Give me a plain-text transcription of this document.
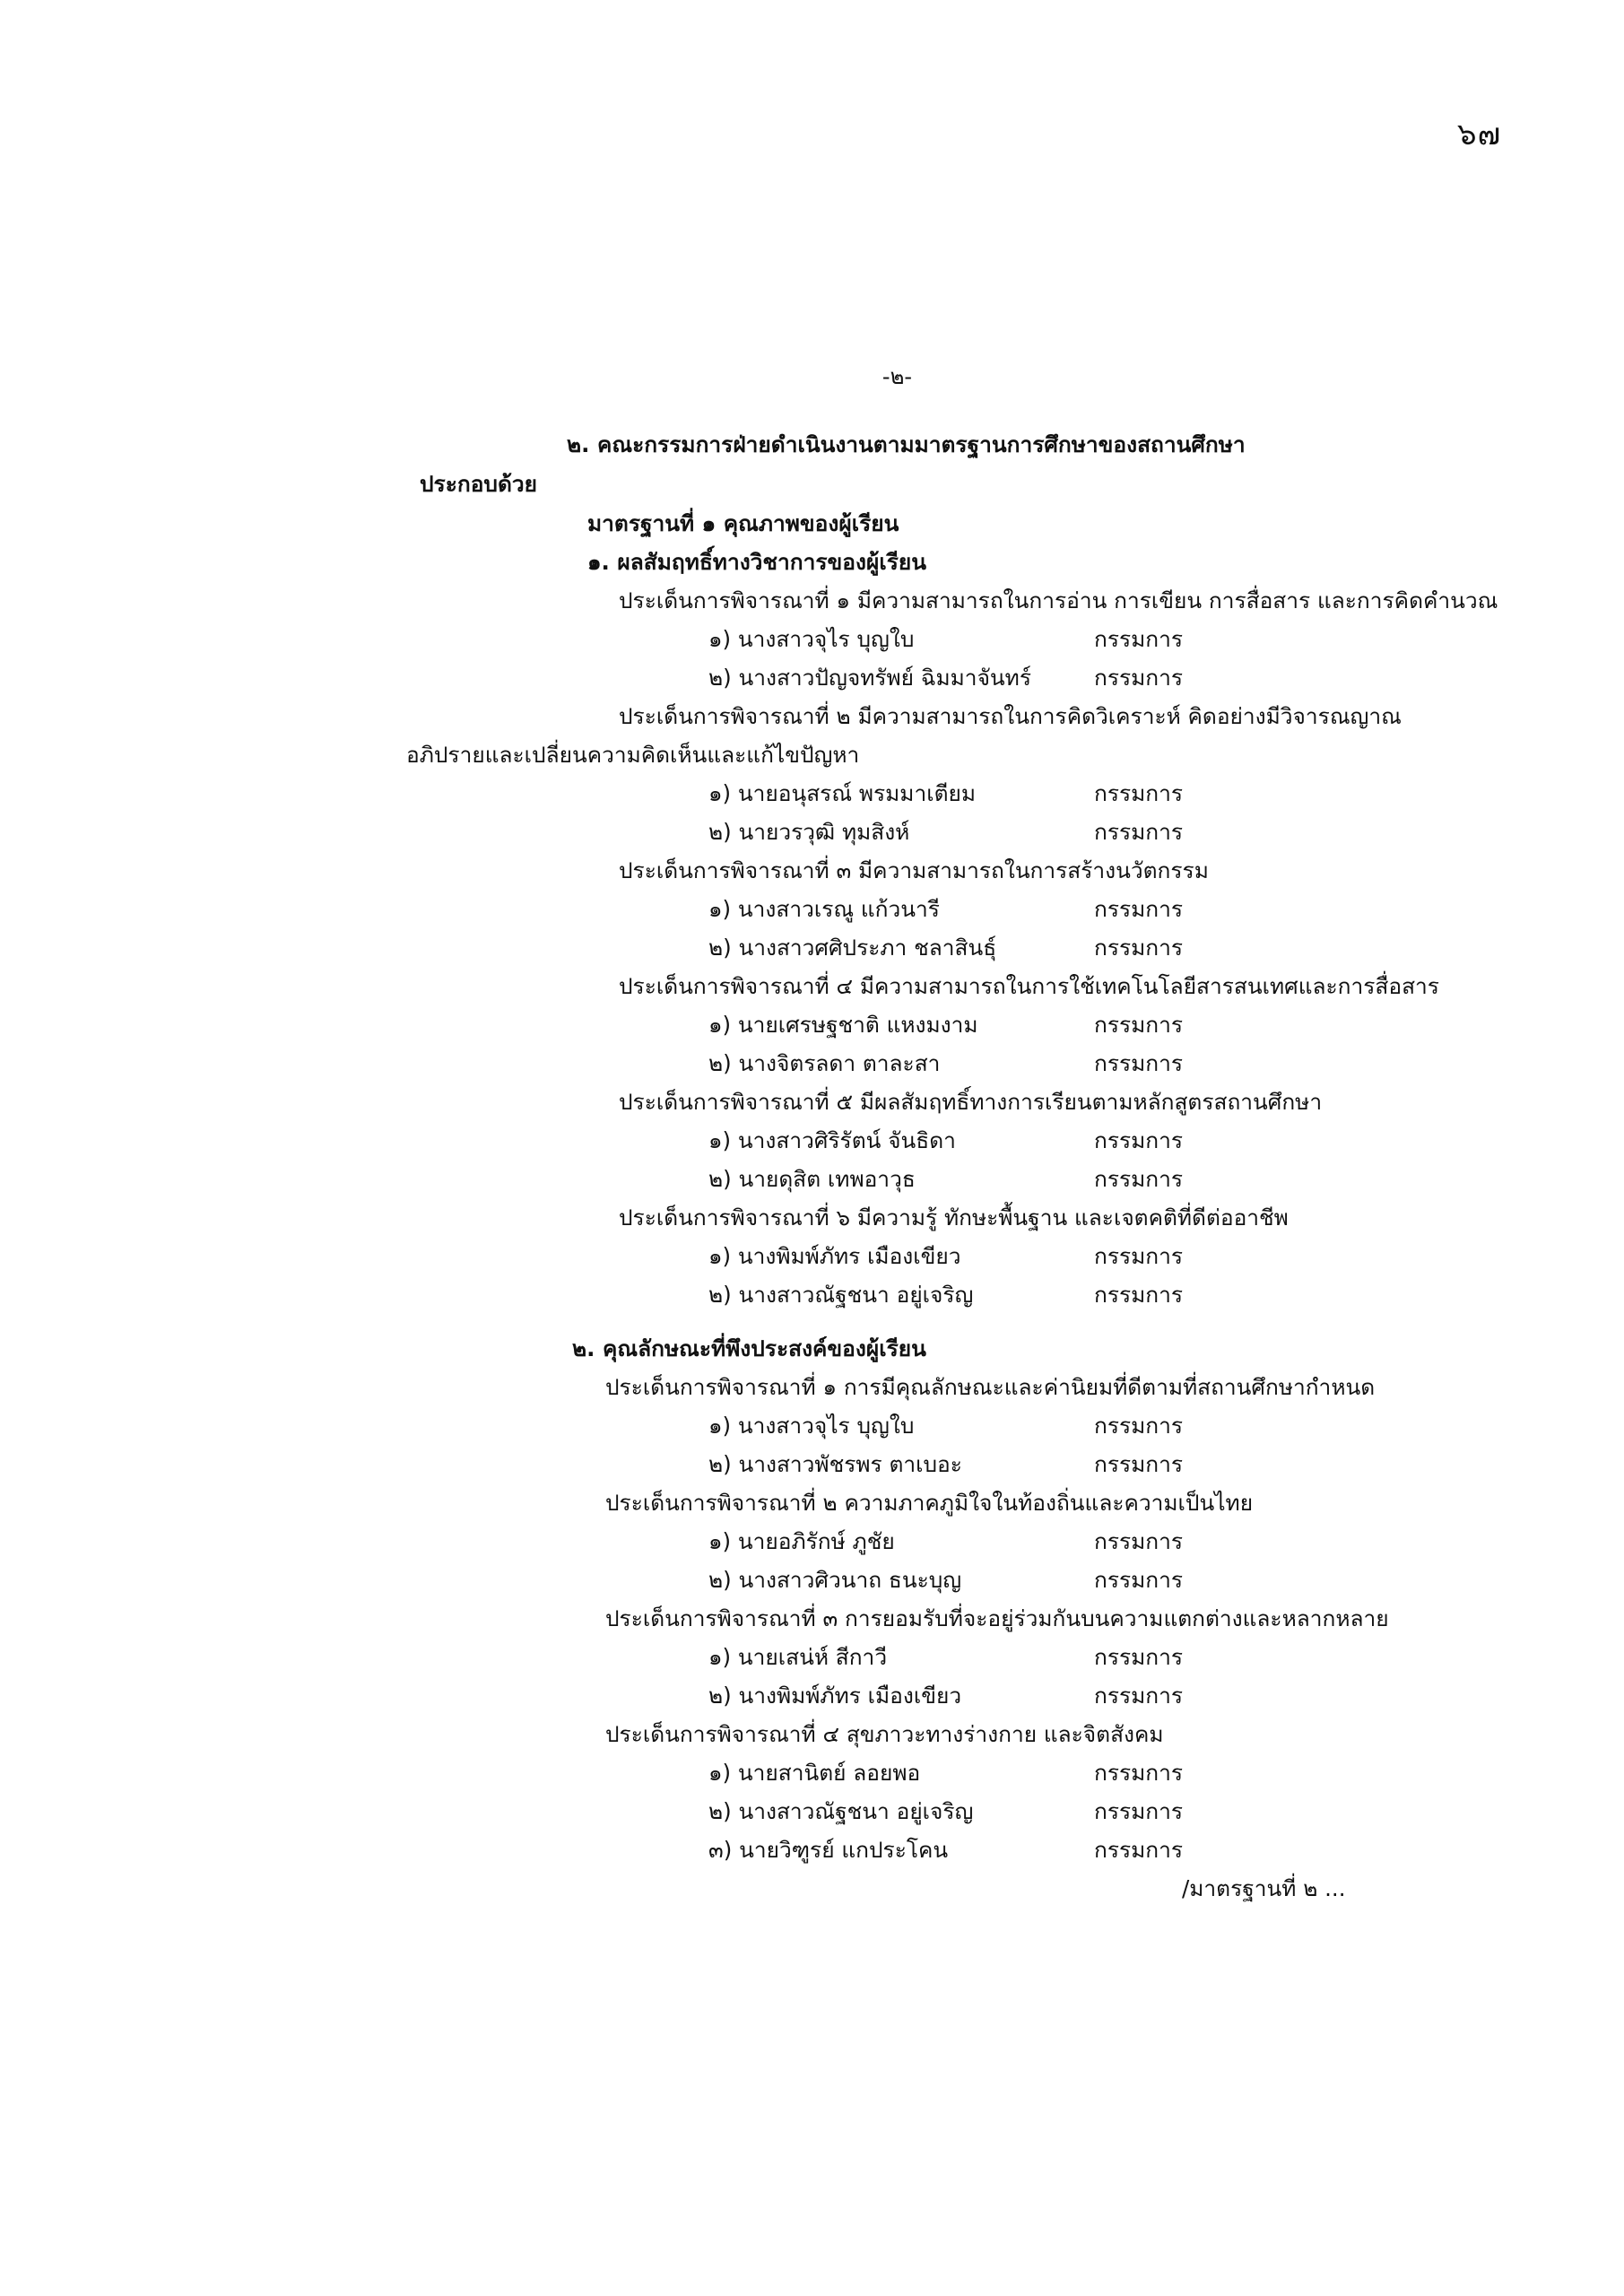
๖๗
-๒-
๒. คณะกรรมการฝ่ายดำเนินงานตามมาตรฐานการศึกษาของสถานศึกษา
ประกอบด้วย
มาตรฐานที่ ๑ คุณภาพของผู้เรียน
๑. ผลสัมฤทธิ์ทางวิชาการของผู้เรียน
ประเด็นการพิจารณาที่ ๑ มีความสามารถในการอ่าน การเขียน การสื่อสาร และการคิดคำนวณ
๑) นางสาวจุไร บุญใบ	กรรมการ
๒) นางสาวปัญจทรัพย์ ฉิมมาจันทร์	กรรมการ
ประเด็นการพิจารณาที่ ๒ มีความสามารถในการคิดวิเคราะห์ คิดอย่างมีวิจารณญาณ
อภิปรายและเปลี่ยนความคิดเห็นและแก้ไขปัญหา
๑) นายอนุสรณ์ พรมมาเตียม	กรรมการ
๒) นายวรวุฒิ ทุมสิงห์	กรรมการ
ประเด็นการพิจารณาที่ ๓ มีความสามารถในการสร้างนวัตกรรม
๑) นางสาวเรณู แก้วนารี	กรรมการ
๒) นางสาวศศิประภา ชลาสินธุ์	กรรมการ
ประเด็นการพิจารณาที่ ๔ มีความสามารถในการใช้เทคโนโลยีสารสนเทศและการสื่อสาร
๑) นายเศรษฐชาติ แหงมงาม	กรรมการ
๒) นางจิตรลดา ตาละสา	กรรมการ
ประเด็นการพิจารณาที่ ๕ มีผลสัมฤทธิ์ทางการเรียนตามหลักสูตรสถานศึกษา
๑) นางสาวศิริรัตน์ จันธิดา	กรรมการ
๒) นายดุสิต เทพอาวุธ	กรรมการ
ประเด็นการพิจารณาที่ ๖ มีความรู้ ทักษะพื้นฐาน และเจตคติที่ดีต่ออาชีพ
๑) นางพิมพ์ภัทร เมืองเขียว	กรรมการ
๒) นางสาวณัฐชนา อยู่เจริญ	กรรมการ
๒. คุณลักษณะที่พึงประสงค์ของผู้เรียน
ประเด็นการพิจารณาที่ ๑ การมีคุณลักษณะและค่านิยมที่ดีตามที่สถานศึกษากำหนด
๑) นางสาวจุไร บุญใบ	กรรมการ
๒) นางสาวพัชรพร ตาเบอะ	กรรมการ
ประเด็นการพิจารณาที่ ๒ ความภาคภูมิใจในท้องถิ่นและความเป็นไทย
๑) นายอภิรักษ์ ภูชัย	กรรมการ
๒) นางสาวศิวนาถ ธนะบุญ	กรรมการ
ประเด็นการพิจารณาที่ ๓ การยอมรับที่จะอยู่ร่วมกันบนความแตกต่างและหลากหลาย
๑) นายเสน่ห์ สีกาวี	กรรมการ
๒) นางพิมพ์ภัทร เมืองเขียว	กรรมการ
ประเด็นการพิจารณาที่ ๔ สุขภาวะทางร่างกาย และจิตสังคม
๑) นายสานิตย์ ลอยพอ	กรรมการ
๒) นางสาวณัฐชนา อยู่เจริญ	กรรมการ
๓) นายวิฑูรย์ แกประโคน	กรรมการ
/มาตรฐานที่ ๒ ...
